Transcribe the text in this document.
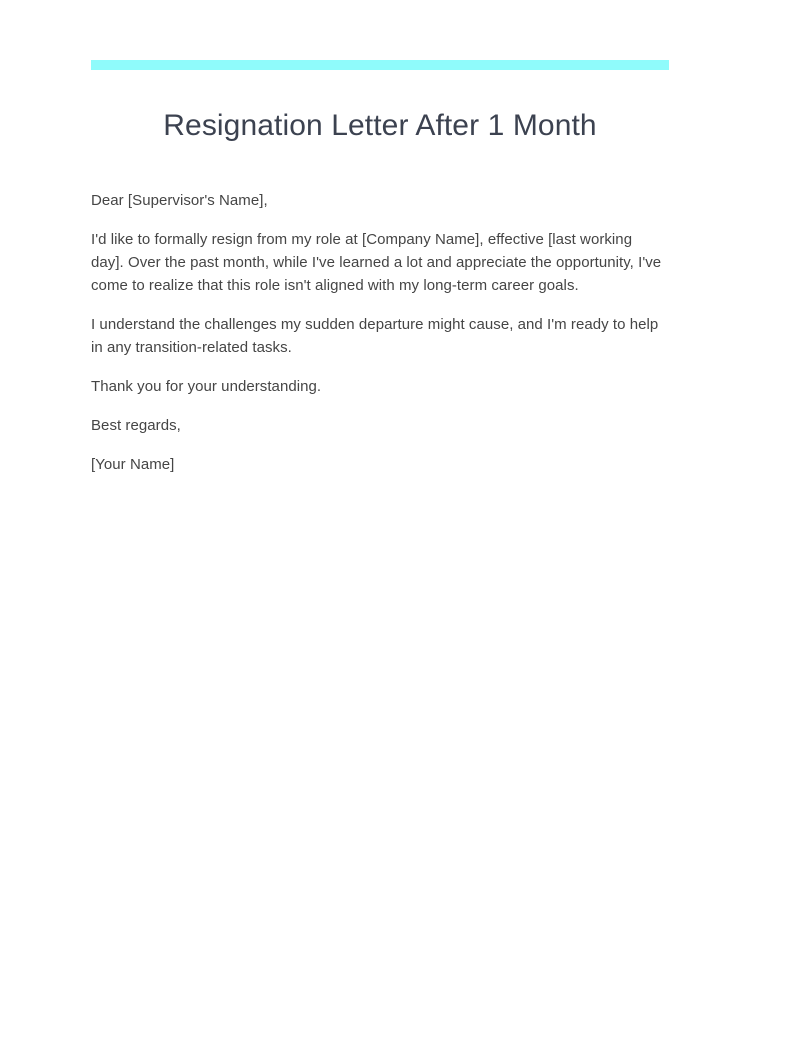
Resignation Letter After 1 Month

Dear [Supervisor's Name],

I'd like to formally resign from my role at [Company Name], effective [last working day]. Over the past month, while I've learned a lot and appreciate the opportunity, I've come to realize that this role isn't aligned with my long-term career goals.

I understand the challenges my sudden departure might cause, and I'm ready to help in any transition-related tasks.

Thank you for your understanding.

Best regards,

[Your Name]
